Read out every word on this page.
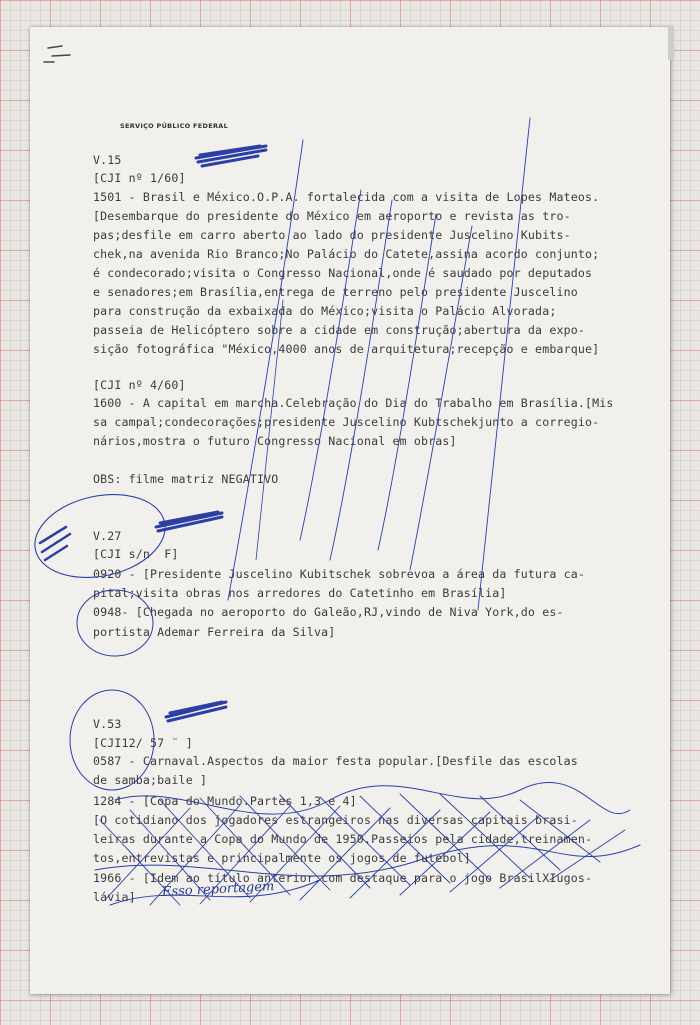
SERVIÇO PÚBLICO FEDERAL
V.15
[CJI nº 1/60]
1501 - Brasil e México.O.P.A. fortalecida com a visita de Lopes Mateos.
[Desembarque do presidente do México em aeroporto e revista as tro-
pas;desfile em carro aberto ao lado do presidente Juscelino Kubits-
chek,na avenida Rio Branco;No Palácio do Catete,assina acordo conjunto;
é condecorado;visita o Congresso Nacional,onde é saudado por deputados
e senadores;em Brasília,entrega de terreno pelo presidente Juscelino
para construção da exbaixada do México;visita o Palácio Alvorada;
passeia de Helicóptero sobre a cidade em construção;abertura da expo-
sição fotográfica "México,4000 anos de arquitetura;recepção e embarque]
[CJI nº 4/60]
1600 - A capital em marcha.Celebração do Dia do Trabalho em Brasília.[Mis
sa campal;condecorações;presidente Juscelino Kubtschekjunto a corregio-
nários,mostra o futuro Congresso Nacional em obras]
OBS: filme matriz NEGATIVO
V.27
[CJI s/n  F]
0920 - [Presidente Juscelino Kubitschek sobrevoa a área da futura ca-
pital;visita obras nos arredores do Catetinho em Brasília]
0948- [Chegada no aeroporto do Galeão,RJ,vindo de Niva York,do es-
portista Ademar Ferreira da Silva]
V.53
[CJI12/ 57 ¨ ]
0587 - Carnaval.Aspectos da maior festa popular.[Desfile das escolas
de samba;baile ]
1284 - [Copa do Mundo.Partes 1,3 e 4]
[O cotidiano dos jogadores estrangeiros nas diversas capitais brasi-
leiras durante a Copa do Mundo de 1950.Passeios pela cidade,treinamen-
tos,entrevistas e principalmente os jogos de futebol]
1966 - [Idem ao título anterior,com destaque para o jogo BrasilXIugos-
lávia] Esso reportagem
